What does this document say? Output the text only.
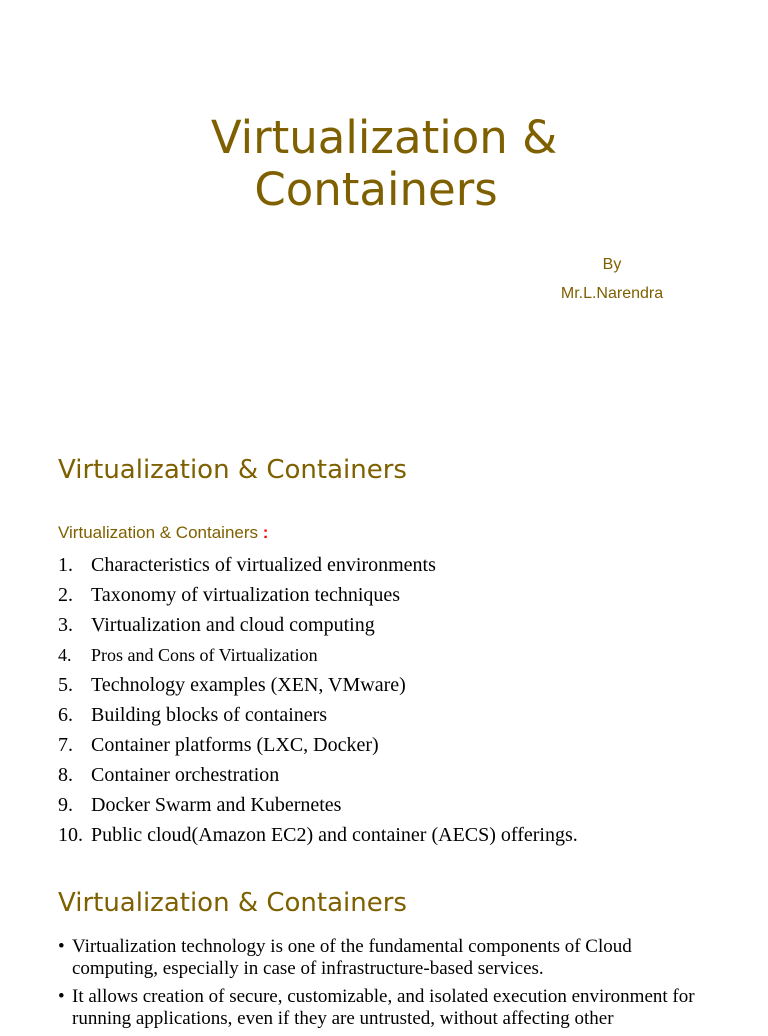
Virtualization &
Containers
By
Mr.L.Narendra
Virtualization & Containers
Virtualization & Containers :
1. Characteristics of virtualized environments
2. Taxonomy of virtualization techniques
3. Virtualization and cloud computing
4. Pros and Cons of Virtualization
5. Technology examples (XEN, VMware)
6. Building blocks of containers
7. Container platforms (LXC, Docker)
8. Container orchestration
9. Docker Swarm and Kubernetes
10. Public cloud(Amazon EC2) and container (AECS) offerings.
Virtualization & Containers
• Virtualization technology is one of the fundamental components of Cloud computing, especially in case of infrastructure-based services.
• It allows creation of secure, customizable, and isolated execution environment for running applications, even if they are untrusted, without affecting other
